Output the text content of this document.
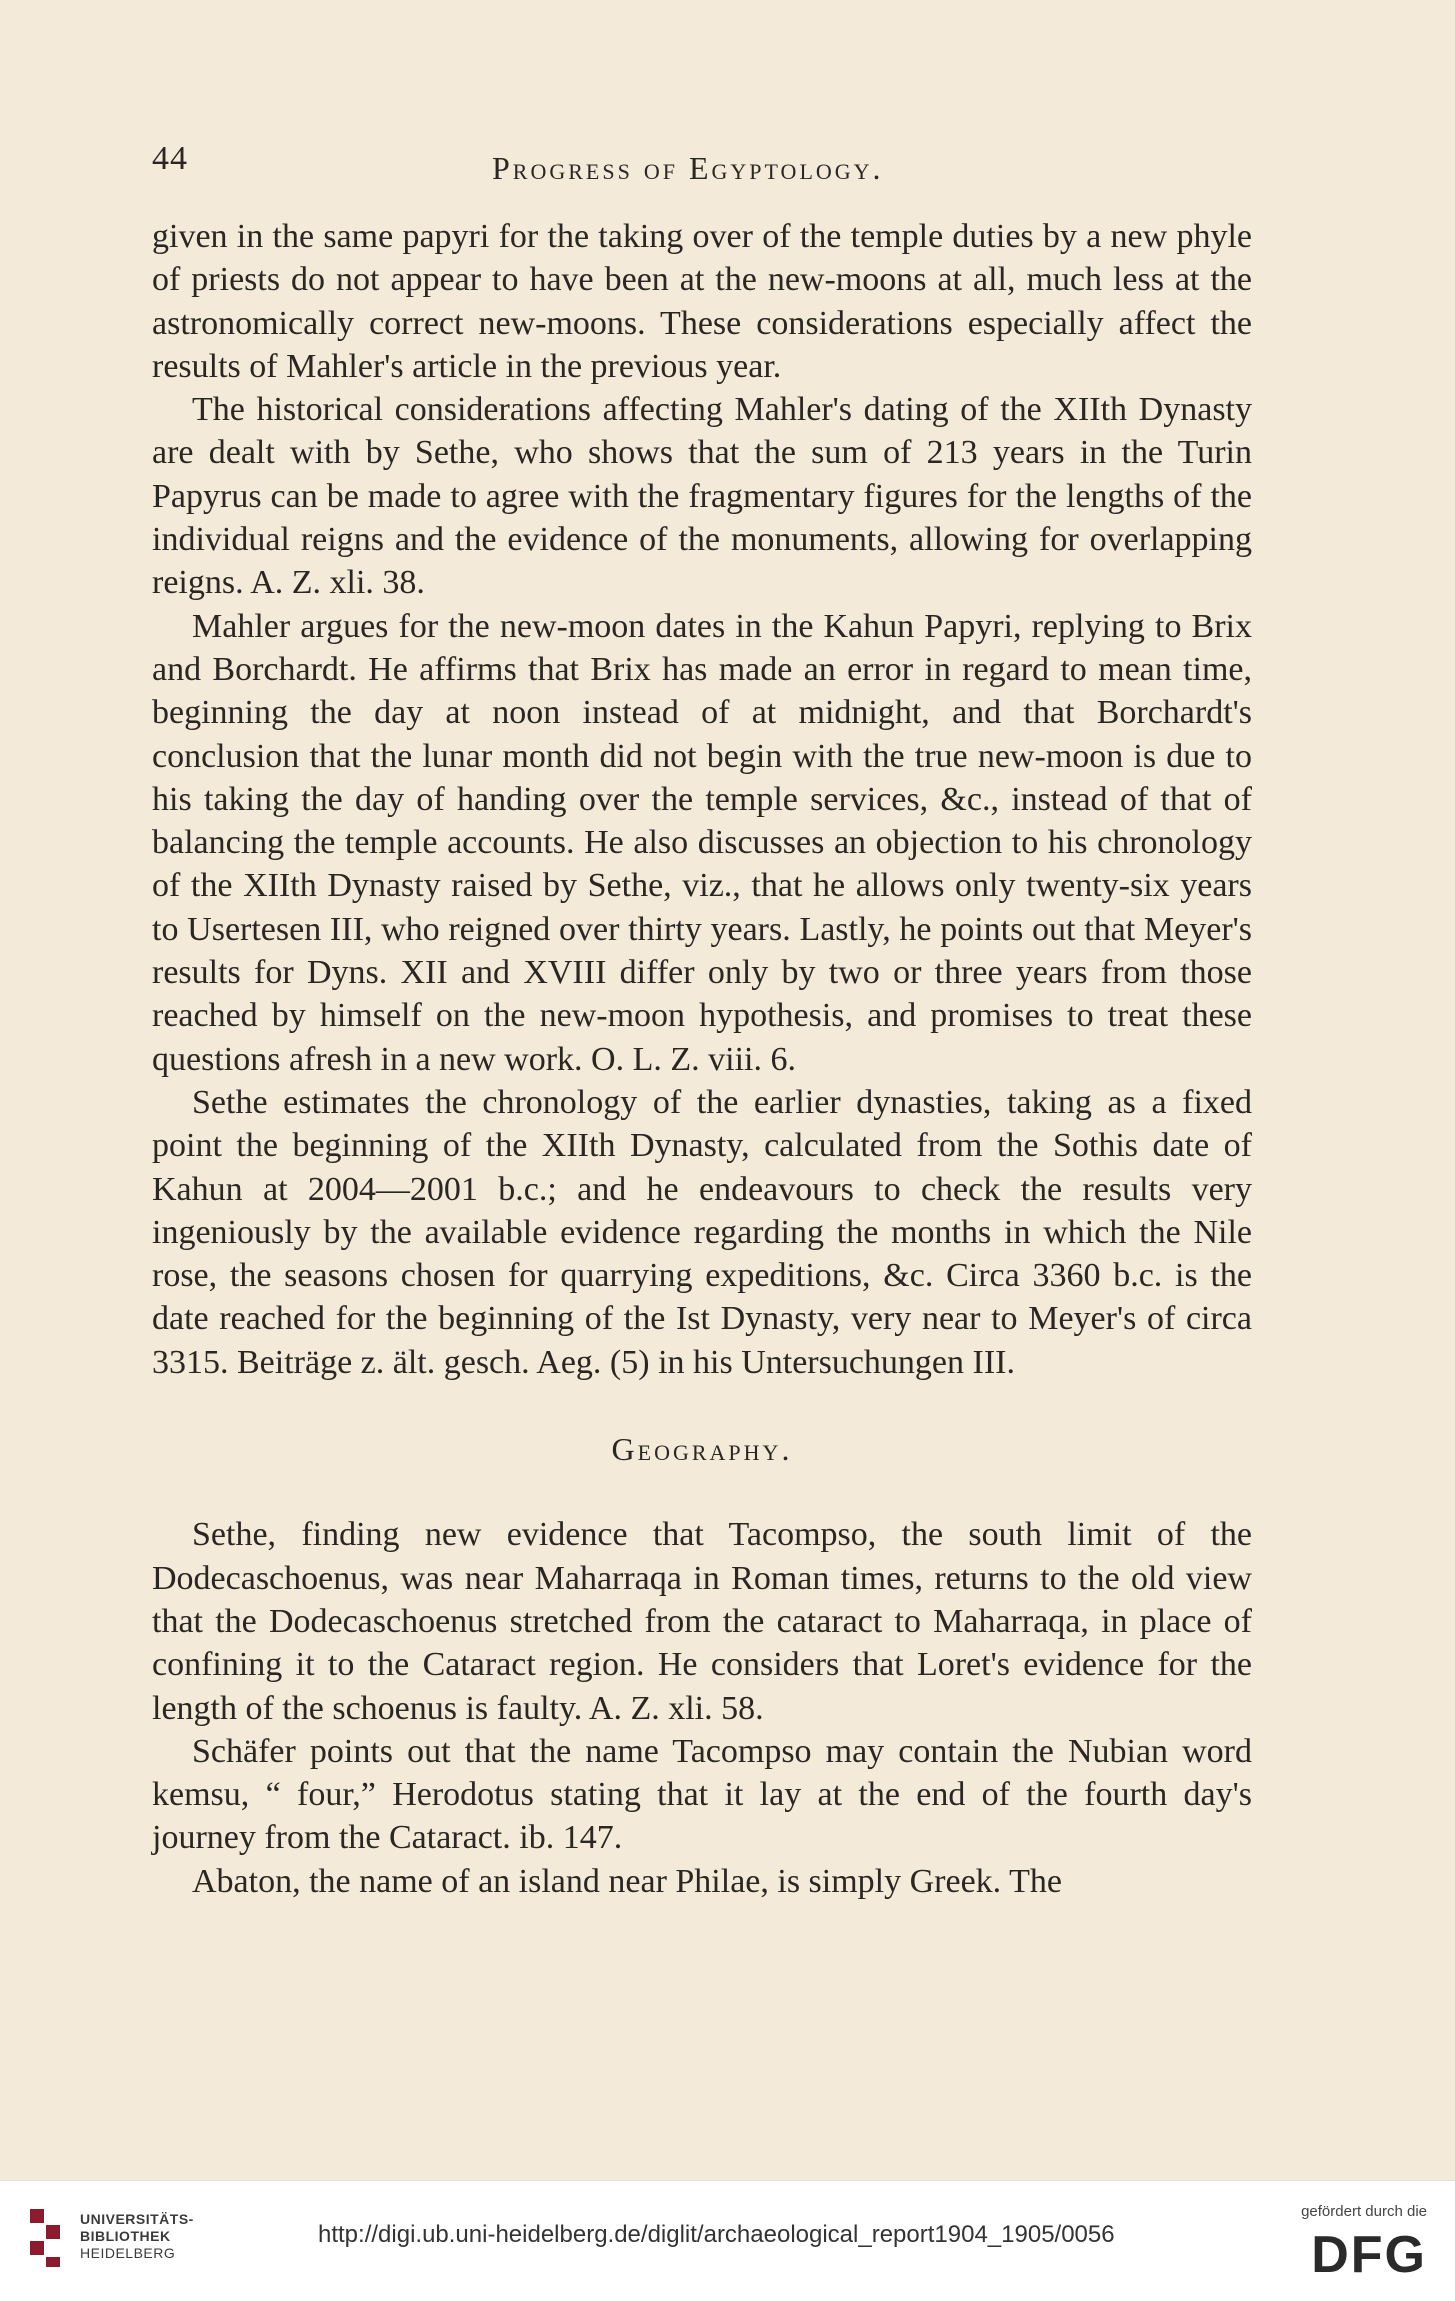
44	Progress of Egyptology.

given in the same papyri for the taking over of the temple duties by a new phyle of priests do not appear to have been at the new-moons at all, much less at the astronomically correct new-moons. These considerations especially affect the results of Mahler's article in the previous year.

The historical considerations affecting Mahler's dating of the XIIth Dynasty are dealt with by Sethe, who shows that the sum of 213 years in the Turin Papyrus can be made to agree with the fragmentary figures for the lengths of the individual reigns and the evidence of the monuments, allowing for overlapping reigns. A. Z. xli. 38.

Mahler argues for the new-moon dates in the Kahun Papyri, replying to Brix and Borchardt. He affirms that Brix has made an error in regard to mean time, beginning the day at noon instead of at midnight, and that Borchardt's conclusion that the lunar month did not begin with the true new-moon is due to his taking the day of handing over the temple services, &c., instead of that of balancing the temple accounts. He also discusses an objection to his chronology of the XIIth Dynasty raised by Sethe, viz., that he allows only twenty-six years to Usertesen III, who reigned over thirty years. Lastly, he points out that Meyer's results for Dyns. XII and XVIII differ only by two or three years from those reached by himself on the new-moon hypothesis, and promises to treat these questions afresh in a new work. O. L. Z. viii. 6.

Sethe estimates the chronology of the earlier dynasties, taking as a fixed point the beginning of the XIIth Dynasty, calculated from the Sothis date of Kahun at 2004—2001 b.c.; and he endeavours to check the results very ingeniously by the available evidence regarding the months in which the Nile rose, the seasons chosen for quarrying expeditions, &c. Circa 3360 b.c. is the date reached for the beginning of the Ist Dynasty, very near to Meyer's of circa 3315. Beiträge z. ält. gesch. Aeg. (5) in his Untersuchungen III.

Geography.

Sethe, finding new evidence that Tacompso, the south limit of the Dodecaschoenus, was near Maharraqa in Roman times, returns to the old view that the Dodecaschoenus stretched from the cataract to Maharraqa, in place of confining it to the Cataract region. He considers that Loret's evidence for the length of the schoenus is faulty. A. Z. xli. 58.

Schäfer points out that the name Tacompso may contain the Nubian word kemsu, “ four,” Herodotus stating that it lay at the end of the fourth day's journey from the Cataract. ib. 147.

Abaton, the name of an island near Philae, is simply Greek. The

UNIVERSITÄTS-
BIBLIOTHEK
HEIDELBERG
http://digi.ub.uni-heidelberg.de/diglit/archaeological_report1904_1905/0056
gefördert durch die
DFG
